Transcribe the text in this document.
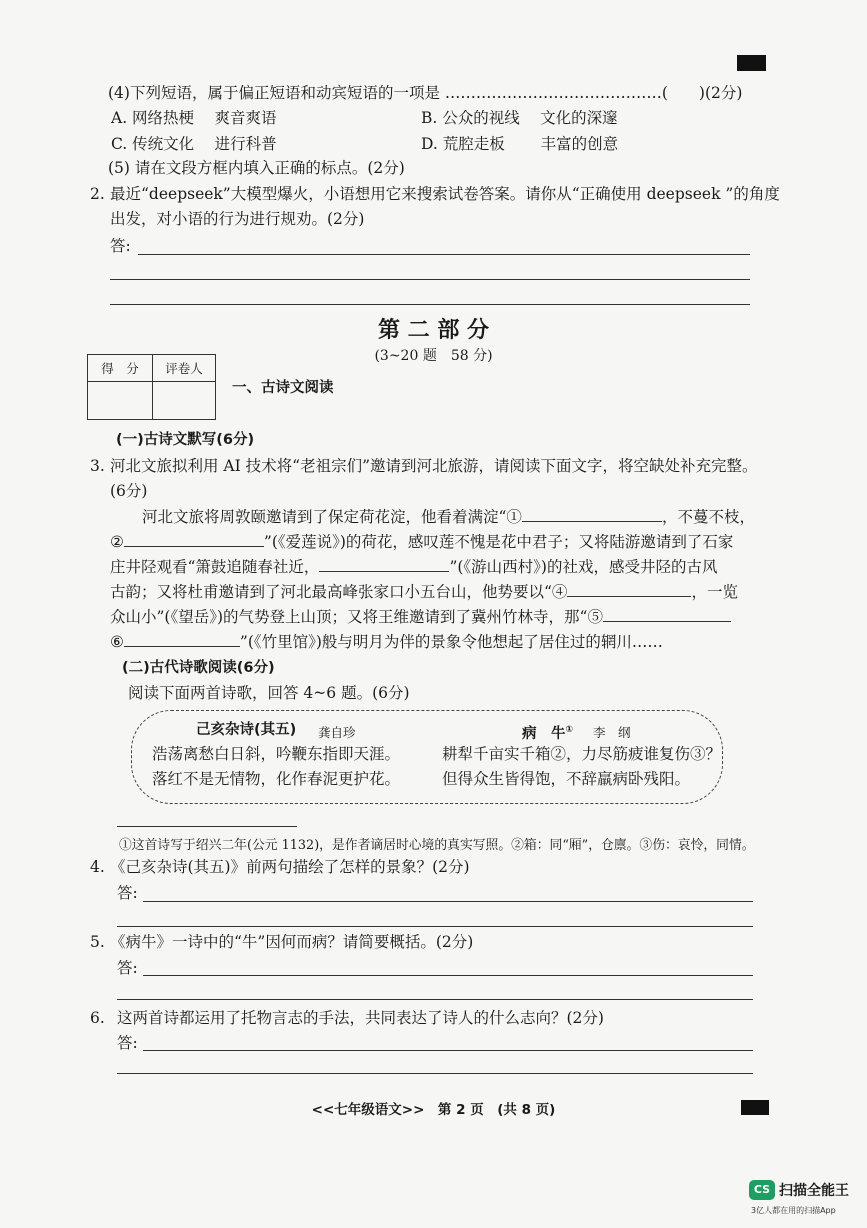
(4)下列短语，属于偏正短语和动宾短语的一项是 ……………………………………(　　)(2分)
A. 网络热梗　 爽音爽语	B. 公众的视线　 文化的深邃
C. 传统文化　 进行科普	D. 荒腔走板　　 丰富的创意
(5) 请在文段方框内填入正确的标点。(2分)
2. 最近“deepseek”大模型爆火，小语想用它来搜索试卷答案。请你从“正确使用 deepseek ”的角度
出发，对小语的行为进行规劝。(2分)
答:
第 二 部 分
(3~20 题　58 分)
得　分	评卷人

一、古诗文阅读
(一)古诗文默写(6分)
3. 河北文旅拟利用 AI 技术将“老祖宗们”邀请到河北旅游，请阅读下面文字，将空缺处补充完整。
(6分)
河北文旅将周敦颐邀请到了保定荷花淀，他看着满淀“①	，不蔓不枝，
②	”(《爱莲说》)的荷花，感叹莲不愧是花中君子；又将陆游邀请到了石家
庄井陉观看“箫鼓追随春社近，	”(《游山西村》)的社戏，感受井陉的古风
古韵；又将杜甫邀请到了河北最高峰张家口小五台山，他势要以“④	，一览
众山小”(《望岳》)的气势登上山顶；又将王维邀请到了冀州竹林寺，那“⑤
⑥	”(《竹里馆》)般与明月为伴的景象令他想起了居住过的辋川……
(二)古代诗歌阅读(6分)
阅读下面两首诗歌，回答 4~6 题。(6分)
己亥杂诗(其五) 龚自珍
浩荡离愁白日斜，吟鞭东指即天涯。
落红不是无情物，化作春泥更护花。
病　牛① 李　纲
耕犁千亩实千箱②，力尽筋疲谁复伤③？
但得众生皆得饱，不辞羸病卧残阳。
①这首诗写于绍兴二年(公元 1132)，是作者谪居时心境的真实写照。②箱：同“厢”，仓廪。③伤：哀怜，同情。
4. 《己亥杂诗(其五)》前两句描绘了怎样的景象？(2分)
答:
5. 《病牛》一诗中的“牛”因何而病？请简要概括。(2分)
答:
6. 这两首诗都运用了托物言志的手法，共同表达了诗人的什么志向？(2分)
答:
<<七年级语文>>　第 2 页　(共 8 页)
CS 扫描全能王
3亿人都在用的扫描App
